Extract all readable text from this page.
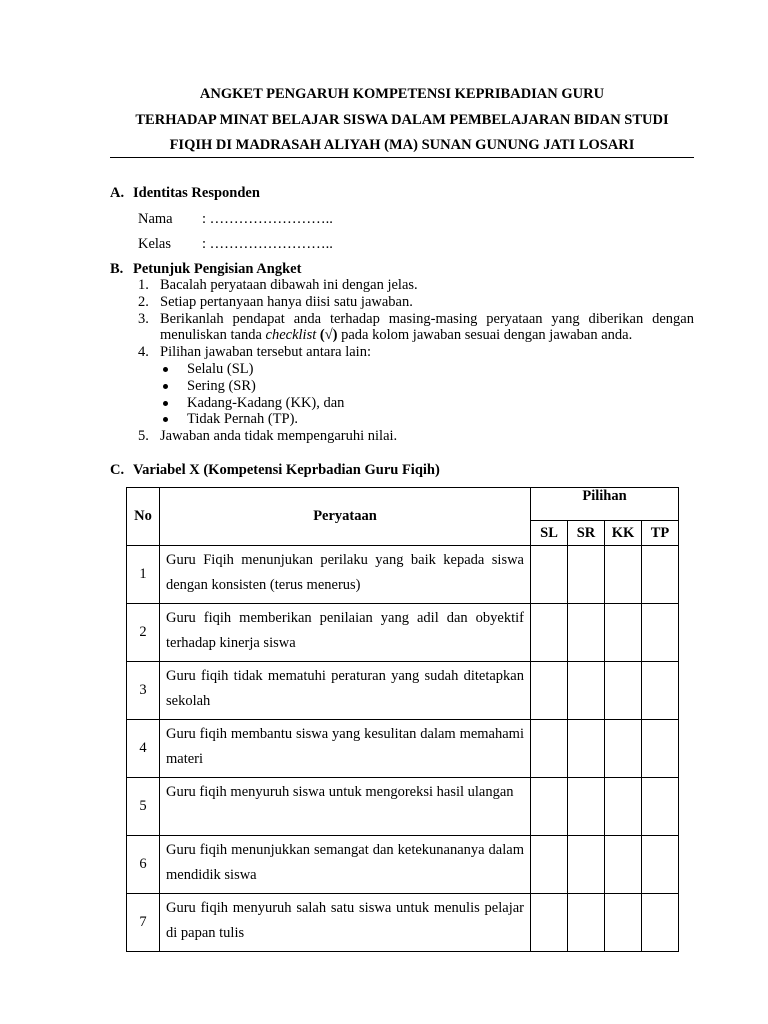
ANGKET PENGARUH KOMPETENSI KEPRIBADIAN GURU
TERHADAP MINAT BELAJAR SISWA DALAM PEMBELAJARAN BIDAN STUDI
FIQIH DI MADRASAH ALIYAH (MA) SUNAN GUNUNG JATI LOSARI
A. Identitas Responden
Nama : ……………………..
Kelas : ……………………..
B. Petunjuk Pengisian Angket
1. Bacalah peryataan dibawah ini dengan jelas.
2. Setiap pertanyaan hanya diisi satu jawaban.
3. Berikanlah pendapat anda terhadap masing-masing peryataan yang diberikan dengan menuliskan tanda checklist (√) pada kolom jawaban sesuai dengan jawaban anda.
4. Pilihan jawaban tersebut antara lain:
Selalu (SL)
Sering (SR)
Kadang-Kadang (KK), dan
Tidak Pernah (TP).
5. Jawaban anda tidak mempengaruhi nilai.
C. Variabel X (Kompetensi Keprbadian Guru Fiqih)
No	Peryataan	Pilihan			
		SL	SR	KK	TP
1	Guru Fiqih menunjukan perilaku yang baik kepada siswa dengan konsisten (terus menerus)				
2	Guru fiqih memberikan penilaian yang adil dan obyektif terhadap kinerja siswa				
3	Guru fiqih tidak mematuhi peraturan yang sudah ditetapkan sekolah				
4	Guru fiqih membantu siswa yang kesulitan dalam memahami materi				
5	Guru fiqih menyuruh siswa untuk mengoreksi hasil ulangan				
6	Guru fiqih menunjukkan semangat dan ketekunananya dalam mendidik siswa				
7	Guru fiqih menyuruh salah satu siswa untuk menulis pelajar di papan tulis				
